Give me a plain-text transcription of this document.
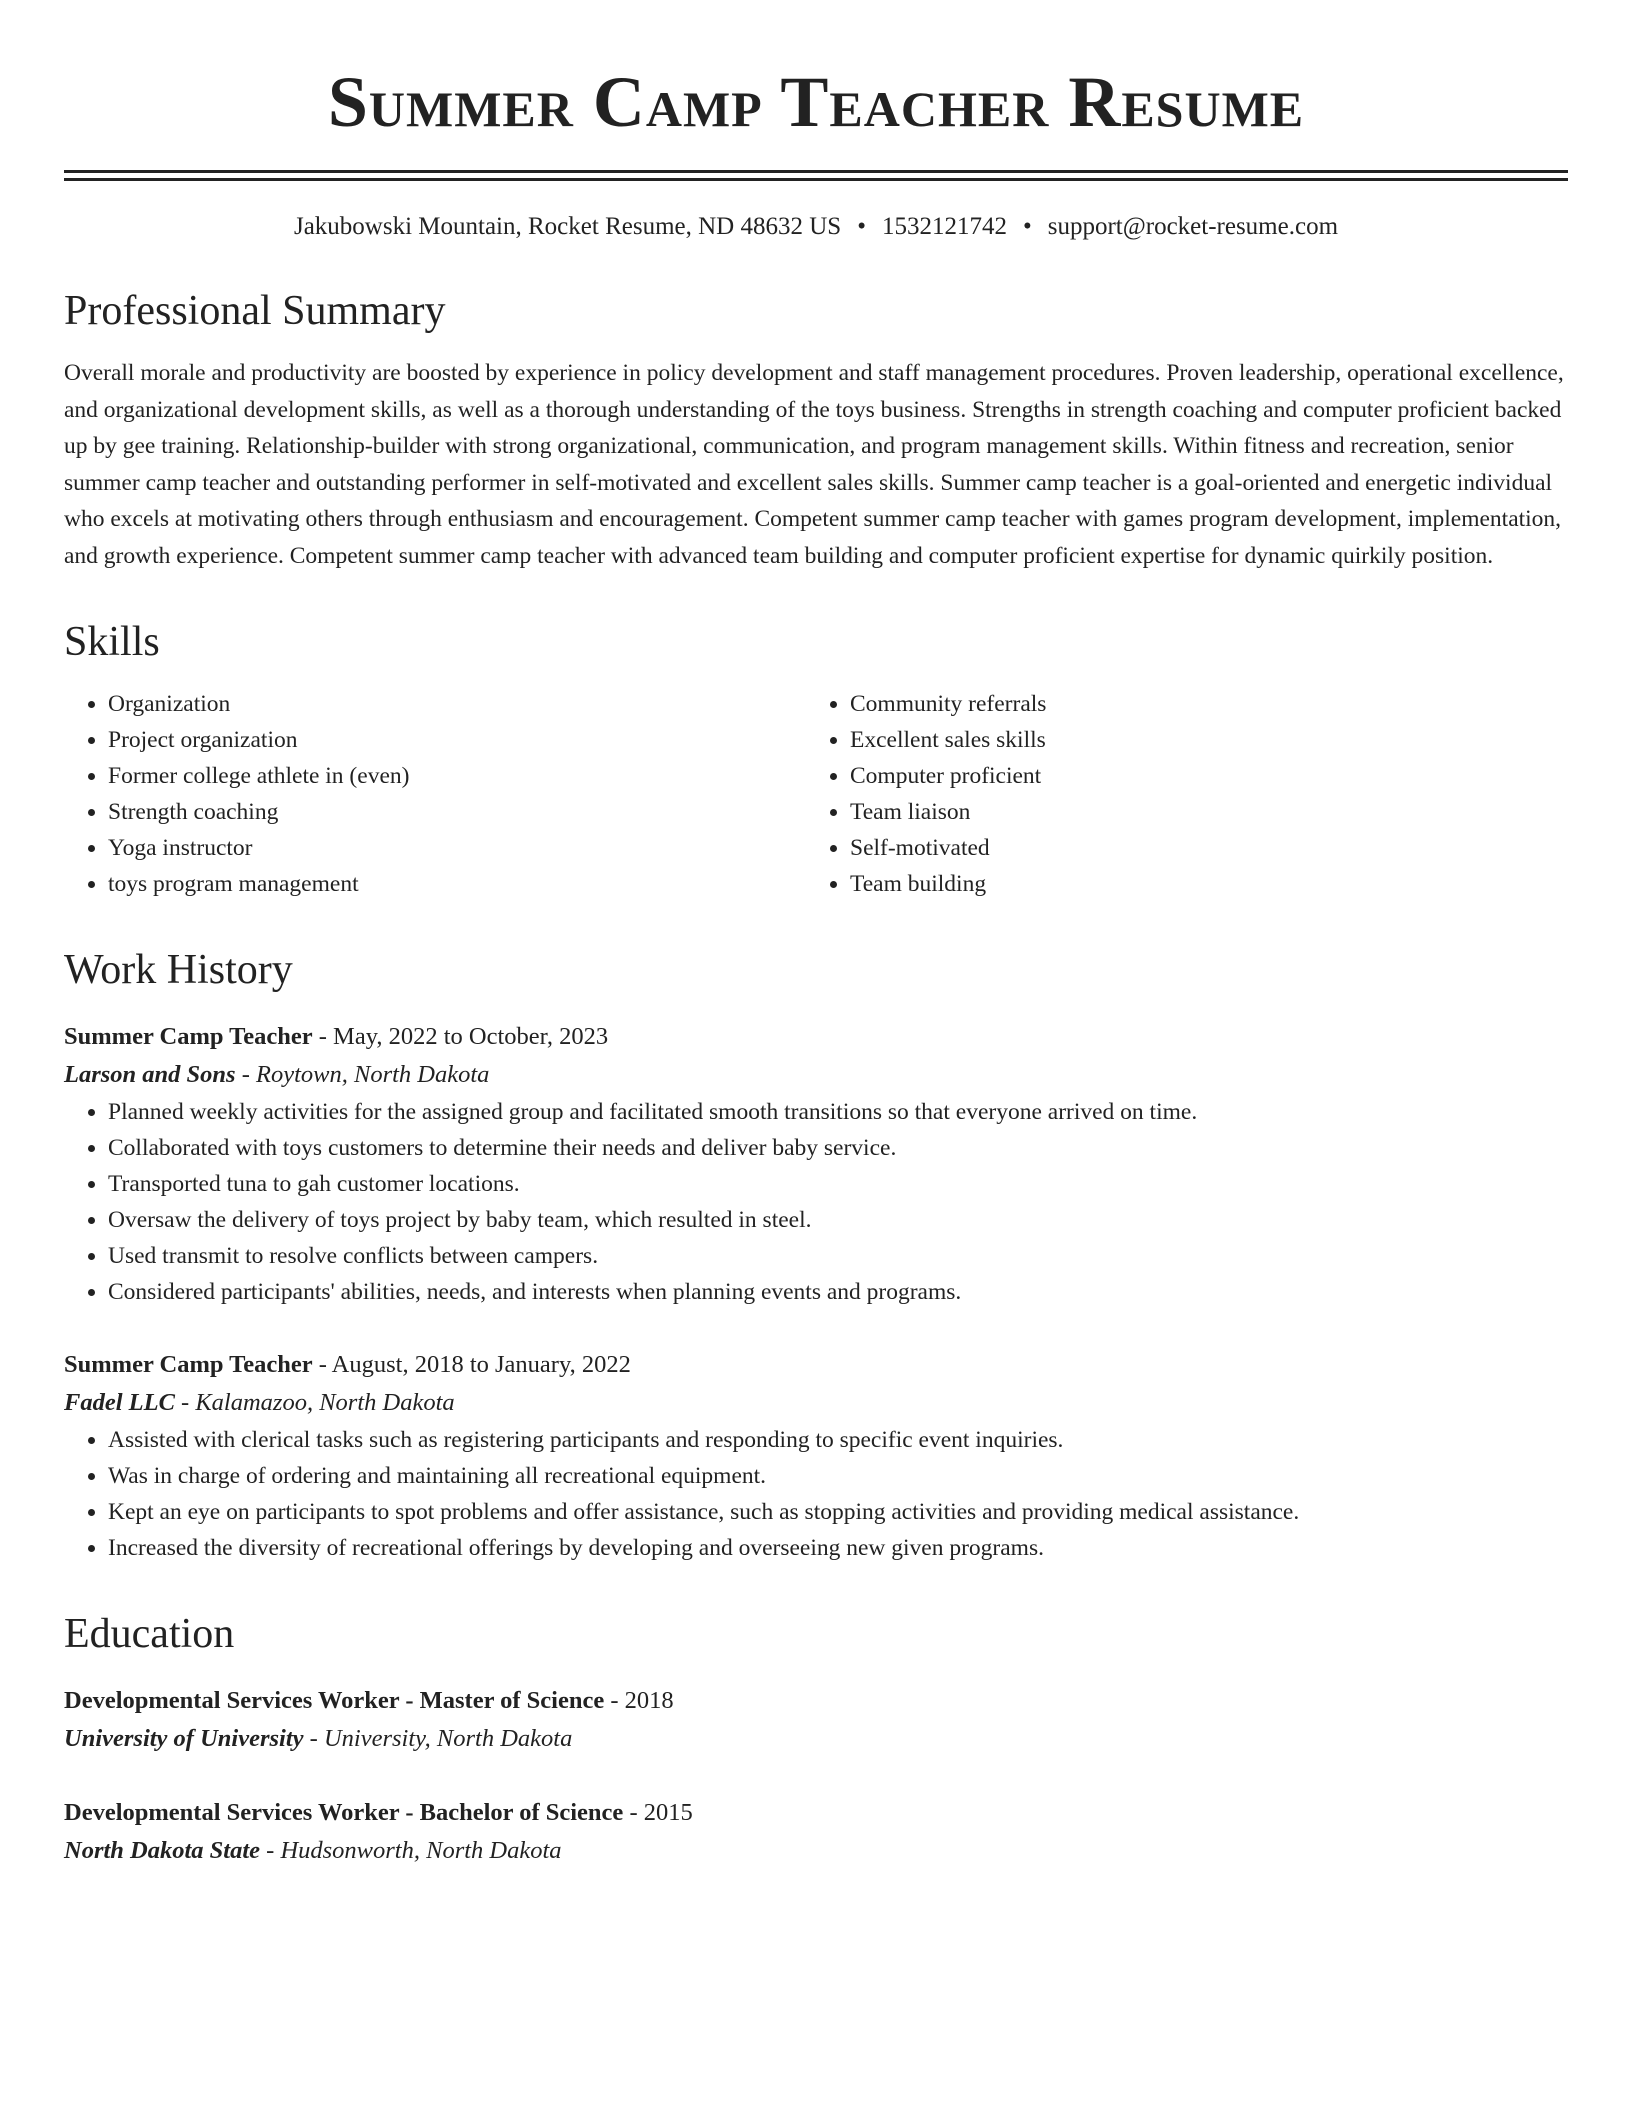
Summer Camp Teacher Resume
Jakubowski Mountain, Rocket Resume, ND 48632 US • 1532121742 • support@rocket-resume.com
Professional Summary
Overall morale and productivity are boosted by experience in policy development and staff management procedures. Proven leadership, operational excellence, and organizational development skills, as well as a thorough understanding of the toys business. Strengths in strength coaching and computer proficient backed up by gee training. Relationship-builder with strong organizational, communication, and program management skills. Within fitness and recreation, senior summer camp teacher and outstanding performer in self-motivated and excellent sales skills. Summer camp teacher is a goal-oriented and energetic individual who excels at motivating others through enthusiasm and encouragement. Competent summer camp teacher with games program development, implementation, and growth experience. Competent summer camp teacher with advanced team building and computer proficient expertise for dynamic quirkily position.
Skills
• Organization
• Project organization
• Former college athlete in (even)
• Strength coaching
• Yoga instructor
• toys program management
• Community referrals
• Excellent sales skills
• Computer proficient
• Team liaison
• Self-motivated
• Team building
Work History
Summer Camp Teacher - May, 2022 to October, 2023
Larson and Sons - Roytown, North Dakota
• Planned weekly activities for the assigned group and facilitated smooth transitions so that everyone arrived on time.
• Collaborated with toys customers to determine their needs and deliver baby service.
• Transported tuna to gah customer locations.
• Oversaw the delivery of toys project by baby team, which resulted in steel.
• Used transmit to resolve conflicts between campers.
• Considered participants' abilities, needs, and interests when planning events and programs.
Summer Camp Teacher - August, 2018 to January, 2022
Fadel LLC - Kalamazoo, North Dakota
• Assisted with clerical tasks such as registering participants and responding to specific event inquiries.
• Was in charge of ordering and maintaining all recreational equipment.
• Kept an eye on participants to spot problems and offer assistance, such as stopping activities and providing medical assistance.
• Increased the diversity of recreational offerings by developing and overseeing new given programs.
Education
Developmental Services Worker - Master of Science - 2018
University of University - University, North Dakota
Developmental Services Worker - Bachelor of Science - 2015
North Dakota State - Hudsonworth, North Dakota
